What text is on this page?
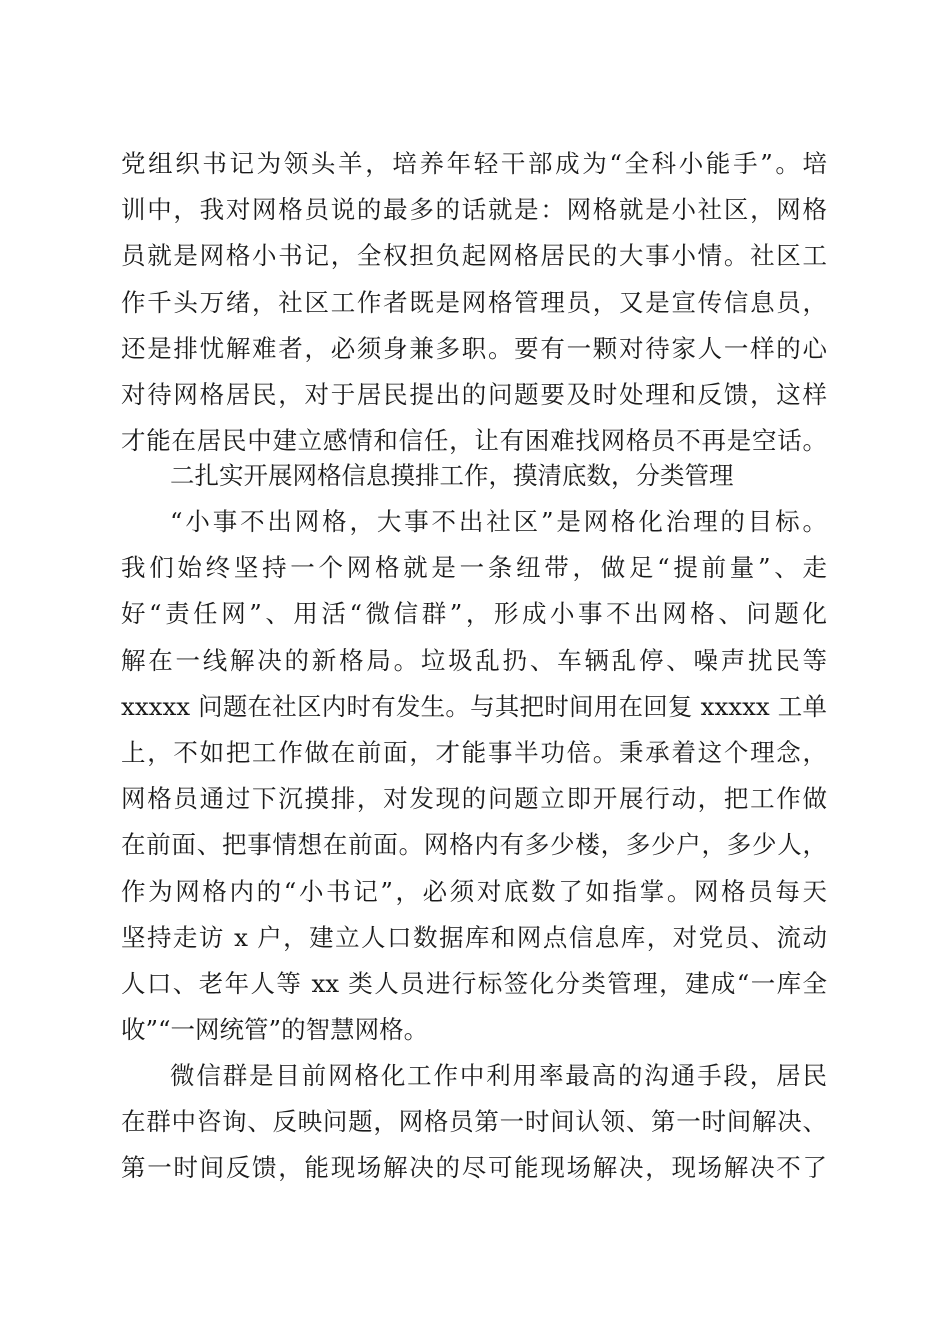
党组织书记为领头羊，培养年轻干部成为“全科小能手”。培
训中，我对网格员说的最多的话就是：网格就是小社区，网格
员就是网格小书记，全权担负起网格居民的大事小情。社区工
作千头万绪，社区工作者既是网格管理员，又是宣传信息员，
还是排忧解难者，必须身兼多职。要有一颗对待家人一样的心
对待网格居民，对于居民提出的问题要及时处理和反馈，这样
才能在居民中建立感情和信任，让有困难找网格员不再是空话。
二扎实开展网格信息摸排工作，摸清底数，分类管理
“小事不出网格，大事不出社区”是网格化治理的目标。
我们始终坚持一个网格就是一条纽带，做足“提前量”、走
好“责任网”、用活“微信群”，形成小事不出网格、问题化
解在一线解决的新格局。垃圾乱扔、车辆乱停、噪声扰民等
xxxxx 问题在社区内时有发生。与其把时间用在回复 xxxxx 工单
上，不如把工作做在前面，才能事半功倍。秉承着这个理念，
网格员通过下沉摸排，对发现的问题立即开展行动，把工作做
在前面、把事情想在前面。网格内有多少楼，多少户，多少人，
作为网格内的“小书记”，必须对底数了如指掌。网格员每天
坚持走访 x 户，建立人口数据库和网点信息库，对党员、流动
人口、老年人等 xx 类人员进行标签化分类管理，建成“一库全
收”“一网统管”的智慧网格。
微信群是目前网格化工作中利用率最高的沟通手段，居民
在群中咨询、反映问题，网格员第一时间认领、第一时间解决、
第一时间反馈，能现场解决的尽可能现场解决，现场解决不了
